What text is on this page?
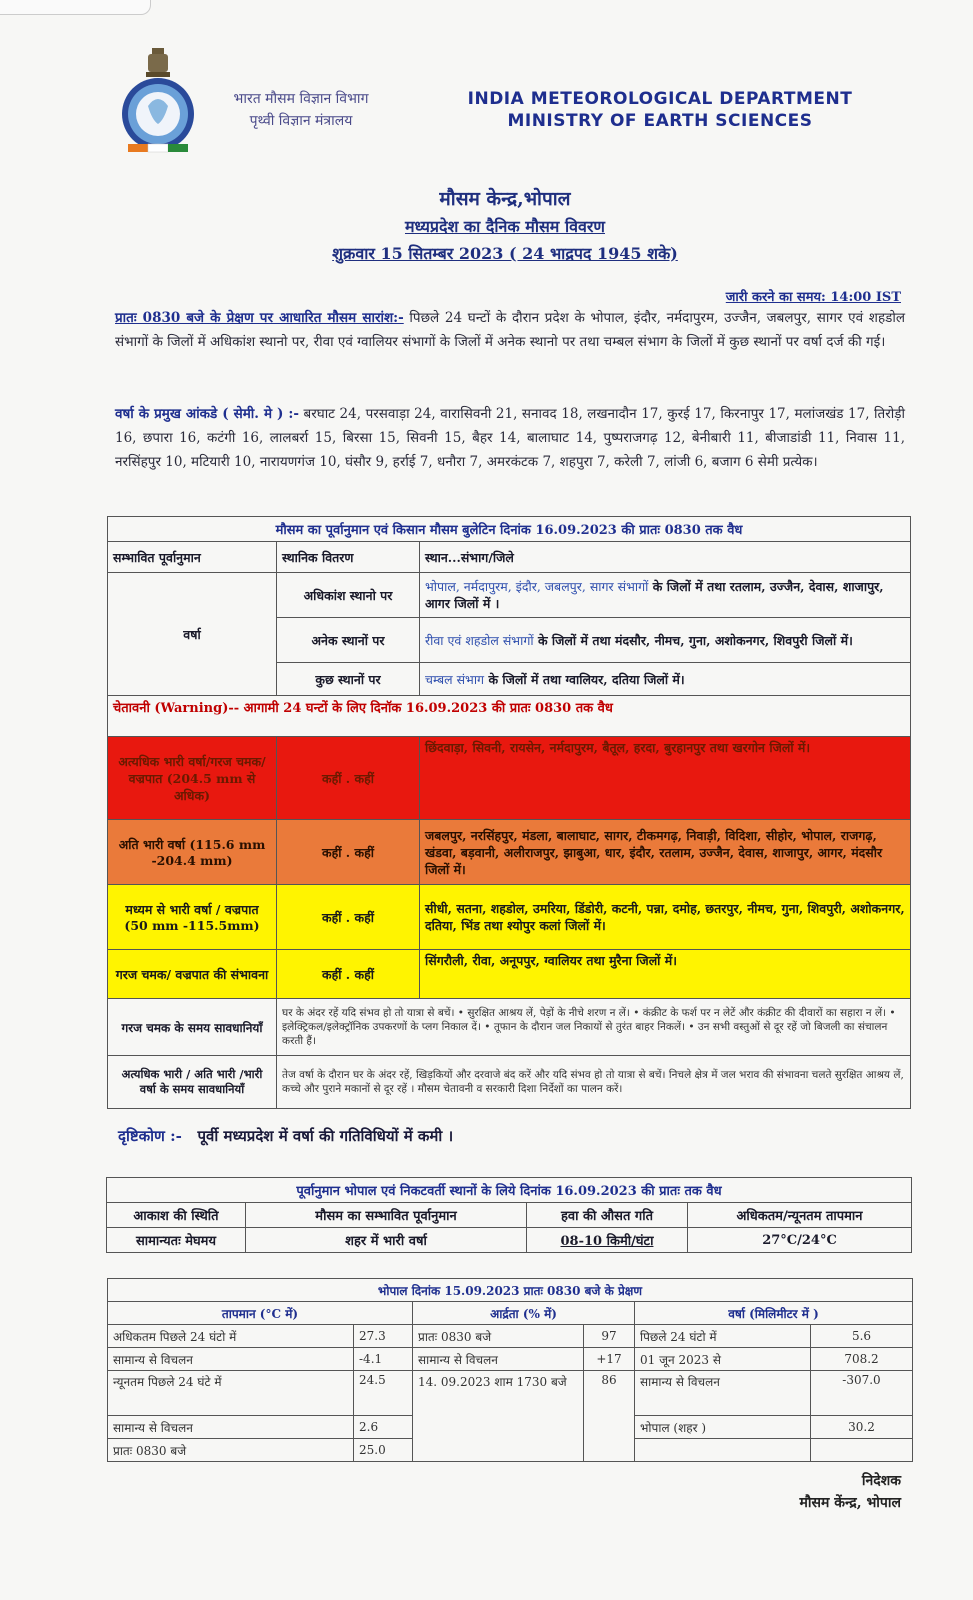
भारत मौसम विज्ञान विभाग
पृथ्वी विज्ञान मंत्रालय
INDIA METEOROLOGICAL DEPARTMENT
MINISTRY OF EARTH SCIENCES
मौसम केन्द्र,भोपाल
मध्यप्रदेश का दैनिक मौसम विवरण
शुक्रवार 15 सितम्बर 2023 ( 24 भाद्रपद 1945 शके)
जारी करने का समय: 14:00 IST
प्रातः 0830 बजे के प्रेक्षण पर आधारित मौसम सारांश:- पिछले 24 घन्टों के दौरान प्रदेश के भोपाल, इंदौर, नर्मदापुरम, उज्जैन, जबलपुर, सागर एवं शहडोल संभागों के जिलों में अधिकांश स्थानो पर, रीवा एवं ग्वालियर संभागों के जिलों में अनेक स्थानो पर तथा चम्बल संभाग के जिलों में कुछ स्थानों पर वर्षा दर्ज की गई।
वर्षा के प्रमुख आंकडे ( सेमी. मे ) :- बरघाट 24, परसवाड़ा 24, वारासिवनी 21, सनावद 18, लखनादौन 17, कुरई 17, किरनापुर 17, मलांजखंड 17, तिरोड़ी 16, छपारा 16, कटंगी 16, लालबर्रा 15, बिरसा 15, सिवनी 15, बैहर 14, बालाघाट 14, पुष्पराजगढ़ 12, बेनीबारी 11, बीजाडांडी 11, निवास 11, नरसिंहपुर 10, मटियारी 10, नारायणगंज 10, घंसौर 9, हर्राई 7, धनौरा 7, अमरकंटक 7, शहपुरा 7, करेली 7, लांजी 6, बजाग 6 सेमी प्रत्येक।
मौसम का पूर्वानुमान एवं किसान मौसम बुलेटिन दिनांक 16.09.2023 की प्रातः 0830 तक वैध		
सम्भावित पूर्वानुमान	स्थानिक वितरण	स्थान...संभाग/जिले
वर्षा	अधिकांश स्थानो पर	भोपाल, नर्मदापुरम, इंदौर, जबलपुर, सागर संभागों के जिलों में तथा रतलाम, उज्जैन, देवास, शाजापुर, आगर जिलों में ।
	अनेक स्थानों पर	रीवा एवं शहडोल संभागों के जिलों में तथा मंदसौर, नीमच, गुना, अशोकनगर, शिवपुरी जिलों में।
	कुछ स्थानों पर	चम्बल संभाग के जिलों में तथा ग्वालियर, दतिया जिलों में।
चेतावनी (Warning)-- आगामी 24 घन्टों के लिए दिनॉक 16.09.2023 की प्रातः 0830 तक वैध		
अत्यधिक भारी वर्षा/गरज चमक/ वज्रपात (204.5 mm से अधिक)	कहीं . कहीं	छिंदवाड़ा, सिवनी, रायसेन, नर्मदापुरम, बैतूल, हरदा, बुरहानपुर तथा खरगोन जिलों में।
अति भारी वर्षा (115.6 mm -204.4 mm)	कहीं . कहीं	जबलपुर, नरसिंहपुर, मंडला, बालाघाट, सागर, टीकमगढ़, निवाड़ी, विदिशा, सीहोर, भोपाल, राजगढ़, खंडवा, बड़वानी, अलीराजपुर, झाबुआ, धार, इंदौर, रतलाम, उज्जैन, देवास, शाजापुर, आगर, मंदसौर जिलों में।
मध्यम से भारी वर्षा / वज्रपात (50 mm -115.5mm)	कहीं . कहीं	सीधी, सतना, शहडोल, उमरिया, डिंडोरी, कटनी, पन्ना, दमोह, छतरपुर, नीमच, गुना, शिवपुरी, अशोकनगर, दतिया, भिंड तथा श्योपुर कलां जिलों में।
गरज चमक/ वज्रपात की संभावना	कहीं . कहीं	सिंगरौली, रीवा, अनूपपुर, ग्वालियर तथा मुरैना जिलों में।
गरज चमक के समय सावधानियाँ	घर के अंदर रहें यदि संभव हो तो यात्रा से बचें। • सुरक्षित आश्रय लें, पेड़ों के नीचे शरण न लें। • कंक्रीट के फर्श पर न लेटें और कंक्रीट की दीवारों का सहारा न लें। • इलेक्ट्रिकल/इलेक्ट्रॉनिक उपकरणों के प्लग निकाल दें। • तूफान के दौरान जल निकायों से तुरंत बाहर निकलें। • उन सभी वस्तुओं से दूर रहें जो बिजली का संचालन करती हैं।	
अत्यधिक भारी / अति भारी /भारी वर्षा के समय सावधानियाँ	तेज वर्षा के दौरान घर के अंदर रहें, खिड़कियों और दरवाजे बंद करें और यदि संभव हो तो यात्रा से बचें। निचले क्षेत्र में जल भराव की संभावना चलते सुरक्षित आश्रय लें, कच्चे और पुराने मकानों से दूर रहें । मौसम चेतावनी व सरकारी दिशा निर्देशों का पालन करें।	
दृष्टिकोण :- पूर्वी मध्यप्रदेश में वर्षा की गतिविधियों में कमी ।
पूर्वानुमान भोपाल एवं निकटवर्ती स्थानों के लिये दिनांक 16.09.2023 की प्रातः तक वैध			
आकाश की स्थिति	मौसम का सम्भावित पूर्वानुमान	हवा की औसत गति	अधिकतम/न्यूनतम तापमान
सामान्यतः मेघमय	शहर में भारी वर्षा	08-10 किमी/घंटा	27°C/24°C
भोपाल दिनांक 15.09.2023 प्रातः 0830 बजे के प्रेक्षण					
तापमान (°C में)		आर्द्रता (% में)		वर्षा (मिलिमीटर में )	
अधिकतम पिछले 24 घंटो में	27.3	प्रातः 0830 बजे	97	पिछले 24 घंटो में	5.6
सामान्य से विचलन	-4.1	सामान्य से विचलन	+17	01 जून 2023 से	708.2
न्यूनतम पिछले 24 घंटे में	24.5	14. 09.2023 शाम 1730 बजे	86	सामान्य से विचलन	-307.0
सामान्य से विचलन	2.6			भोपाल (शहर )	30.2
प्रातः 0830 बजे	25.0				
निदेशक
मौसम केंन्द्र, भोपाल
